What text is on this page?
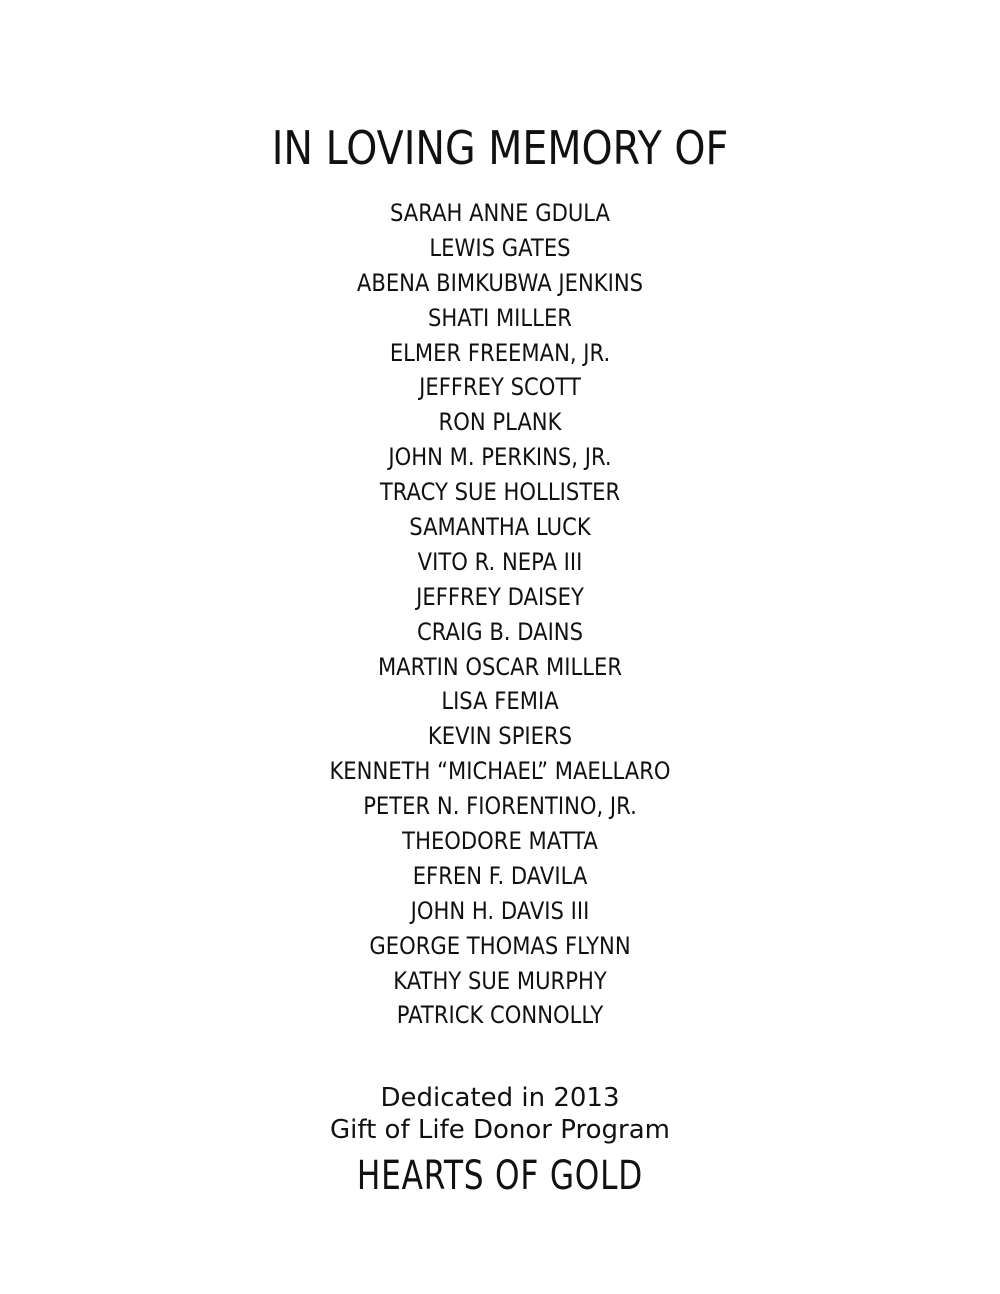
IN LOVING MEMORY OF
SARAH ANNE GDULA
LEWIS GATES
ABENA BIMKUBWA JENKINS
SHATI MILLER
ELMER FREEMAN, JR.
JEFFREY SCOTT
RON PLANK
JOHN M. PERKINS, JR.
TRACY SUE HOLLISTER
SAMANTHA LUCK
VITO R. NEPA III
JEFFREY DAISEY
CRAIG B. DAINS
MARTIN OSCAR MILLER
LISA FEMIA
KEVIN SPIERS
KENNETH “MICHAEL” MAELLARO
PETER N. FIORENTINO, JR.
THEODORE MATTA
EFREN F. DAVILA
JOHN H. DAVIS III
GEORGE THOMAS FLYNN
KATHY SUE MURPHY
PATRICK CONNOLLY
Dedicated in 2013
Gift of Life Donor Program
HEARTS OF GOLD
